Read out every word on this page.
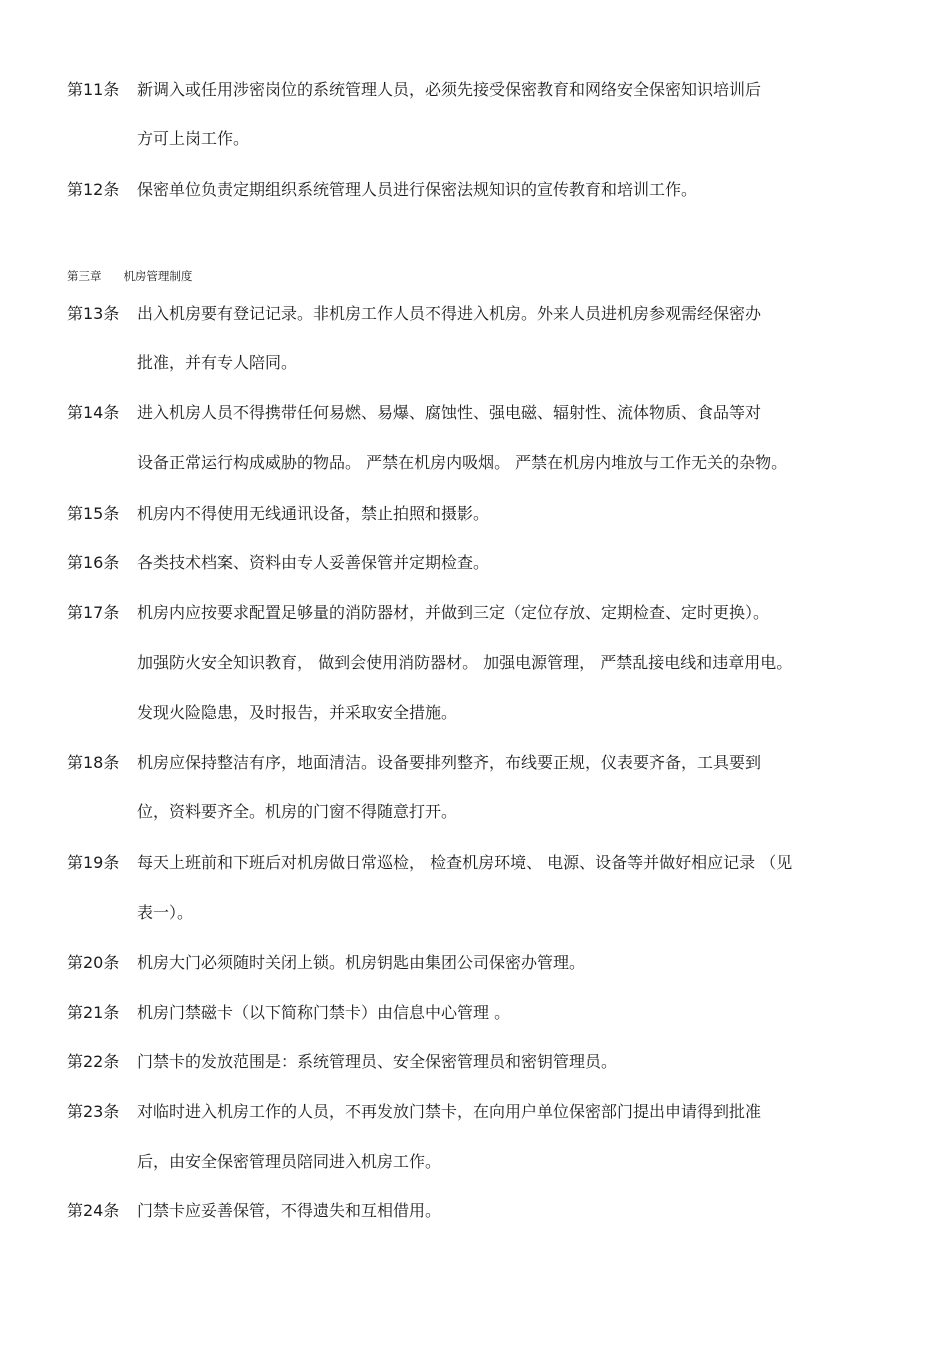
第11条 新调入或任用涉密岗位的系统管理人员，必须先接受保密教育和网络安全保密知识培训后
方可上岗工作。
第12条 保密单位负责定期组织系统管理人员进行保密法规知识的宣传教育和培训工作。
第三章 机房管理制度
第13条 出入机房要有登记记录。非机房工作人员不得进入机房。外来人员进机房参观需经保密办
批准，并有专人陪同。
第14条 进入机房人员不得携带任何易燃、易爆、腐蚀性、强电磁、辐射性、流体物质、食品等对
设备正常运行构成威胁的物品。 严禁在机房内吸烟。 严禁在机房内堆放与工作无关的杂物。
第15条 机房内不得使用无线通讯设备，禁止拍照和摄影。
第16条 各类技术档案、资料由专人妥善保管并定期检查。
第17条 机房内应按要求配置足够量的消防器材，并做到三定（定位存放、定期检查、定时更换）。
加强防火安全知识教育， 做到会使用消防器材。 加强电源管理， 严禁乱接电线和违章用电。
发现火险隐患，及时报告，并采取安全措施。
第18条 机房应保持整洁有序，地面清洁。设备要排列整齐，布线要正规，仪表要齐备，工具要到
位，资料要齐全。机房的门窗不得随意打开。
第19条 每天上班前和下班后对机房做日常巡检， 检查机房环境、 电源、设备等并做好相应记录 （见
表一）。
第20条 机房大门必须随时关闭上锁。机房钥匙由集团公司保密办管理。
第21条 机房门禁磁卡（以下简称门禁卡）由信息中心管理 。
第22条 门禁卡的发放范围是：系统管理员、安全保密管理员和密钥管理员。
第23条 对临时进入机房工作的人员，不再发放门禁卡，在向用户单位保密部门提出申请得到批准
后，由安全保密管理员陪同进入机房工作。
第24条 门禁卡应妥善保管，不得遗失和互相借用。
